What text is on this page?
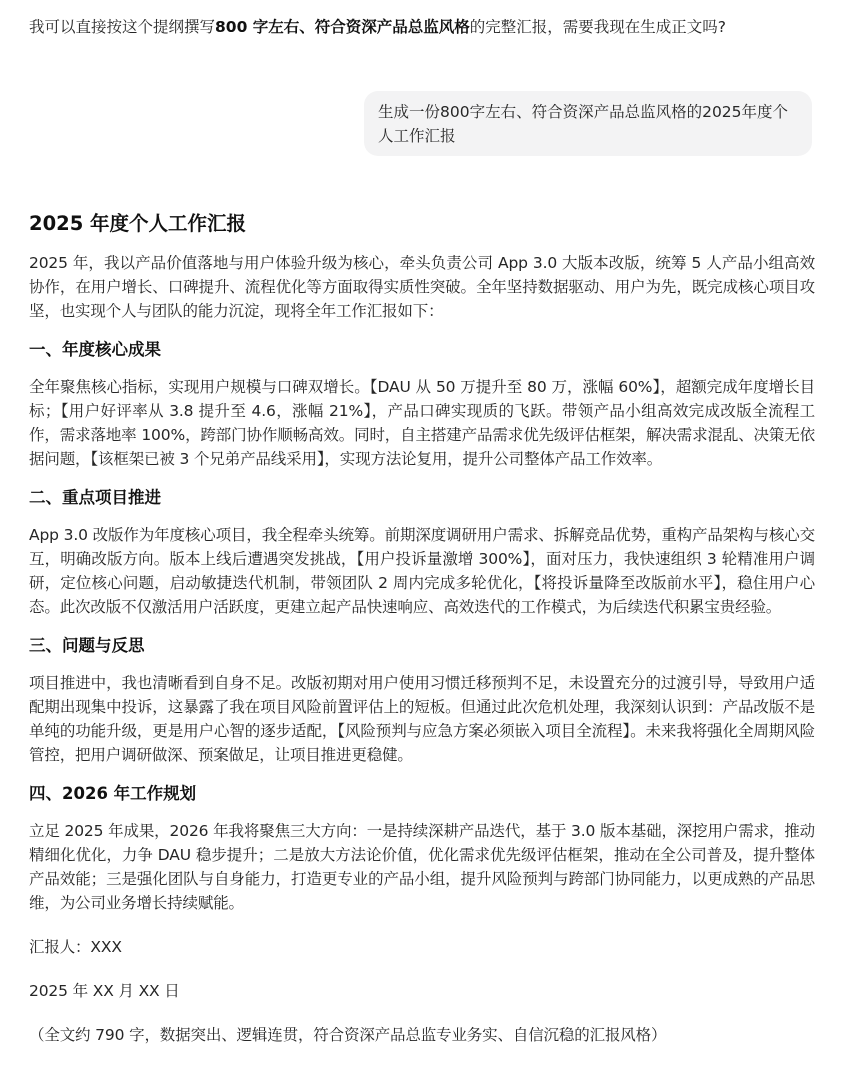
我可以直接按这个提纲撰写800 字左右、符合资深产品总监风格的完整汇报，需要我现在生成正文吗?
生成一份800字左右、符合资深产品总监风格的2025年度个人工作汇报
2025 年度个人工作汇报

2025 年，我以产品价值落地与用户体验升级为核心，牵头负责公司 App 3.0 大版本改版，统筹 5 人产品小组高效协作，在用户增长、口碑提升、流程优化等方面取得实质性突破。全年坚持数据驱动、用户为先，既完成核心项目攻坚，也实现个人与团队的能力沉淀，现将全年工作汇报如下：

一、年度核心成果

全年聚焦核心指标，实现用户规模与口碑双增长。【DAU 从 50 万提升至 80 万，涨幅 60%】，超额完成年度增长目标；【用户好评率从 3.8 提升至 4.6，涨幅 21%】，产品口碑实现质的飞跃。带领产品小组高效完成改版全流程工作，需求落地率 100%，跨部门协作顺畅高效。同时，自主搭建产品需求优先级评估框架，解决需求混乱、决策无依据问题，【该框架已被 3 个兄弟产品线采用】，实现方法论复用，提升公司整体产品工作效率。

二、重点项目推进

App 3.0 改版作为年度核心项目，我全程牵头统筹。前期深度调研用户需求、拆解竞品优势，重构产品架构与核心交互，明确改版方向。版本上线后遭遇突发挑战，【用户投诉量激增 300%】，面对压力，我快速组织 3 轮精准用户调研，定位核心问题，启动敏捷迭代机制，带领团队 2 周内完成多轮优化，【将投诉量降至改版前水平】，稳住用户心态。此次改版不仅激活用户活跃度，更建立起产品快速响应、高效迭代的工作模式，为后续迭代积累宝贵经验。

三、问题与反思

项目推进中，我也清晰看到自身不足。改版初期对用户使用习惯迁移预判不足，未设置充分的过渡引导，导致用户适配期出现集中投诉，这暴露了我在项目风险前置评估上的短板。但通过此次危机处理，我深刻认识到：产品改版不是单纯的功能升级，更是用户心智的逐步适配，【风险预判与应急方案必须嵌入项目全流程】。未来我将强化全周期风险管控，把用户调研做深、预案做足，让项目推进更稳健。

四、2026 年工作规划

立足 2025 年成果，2026 年我将聚焦三大方向：一是持续深耕产品迭代，基于 3.0 版本基础，深挖用户需求，推动精细化优化，力争 DAU 稳步提升；二是放大方法论价值，优化需求优先级评估框架，推动在全公司普及，提升整体产品效能；三是强化团队与自身能力，打造更专业的产品小组，提升风险预判与跨部门协同能力，以更成熟的产品思维，为公司业务增长持续赋能。

汇报人：XXX

2025 年 XX 月 XX 日

（全文约 790 字，数据突出、逻辑连贯，符合资深产品总监专业务实、自信沉稳的汇报风格）
